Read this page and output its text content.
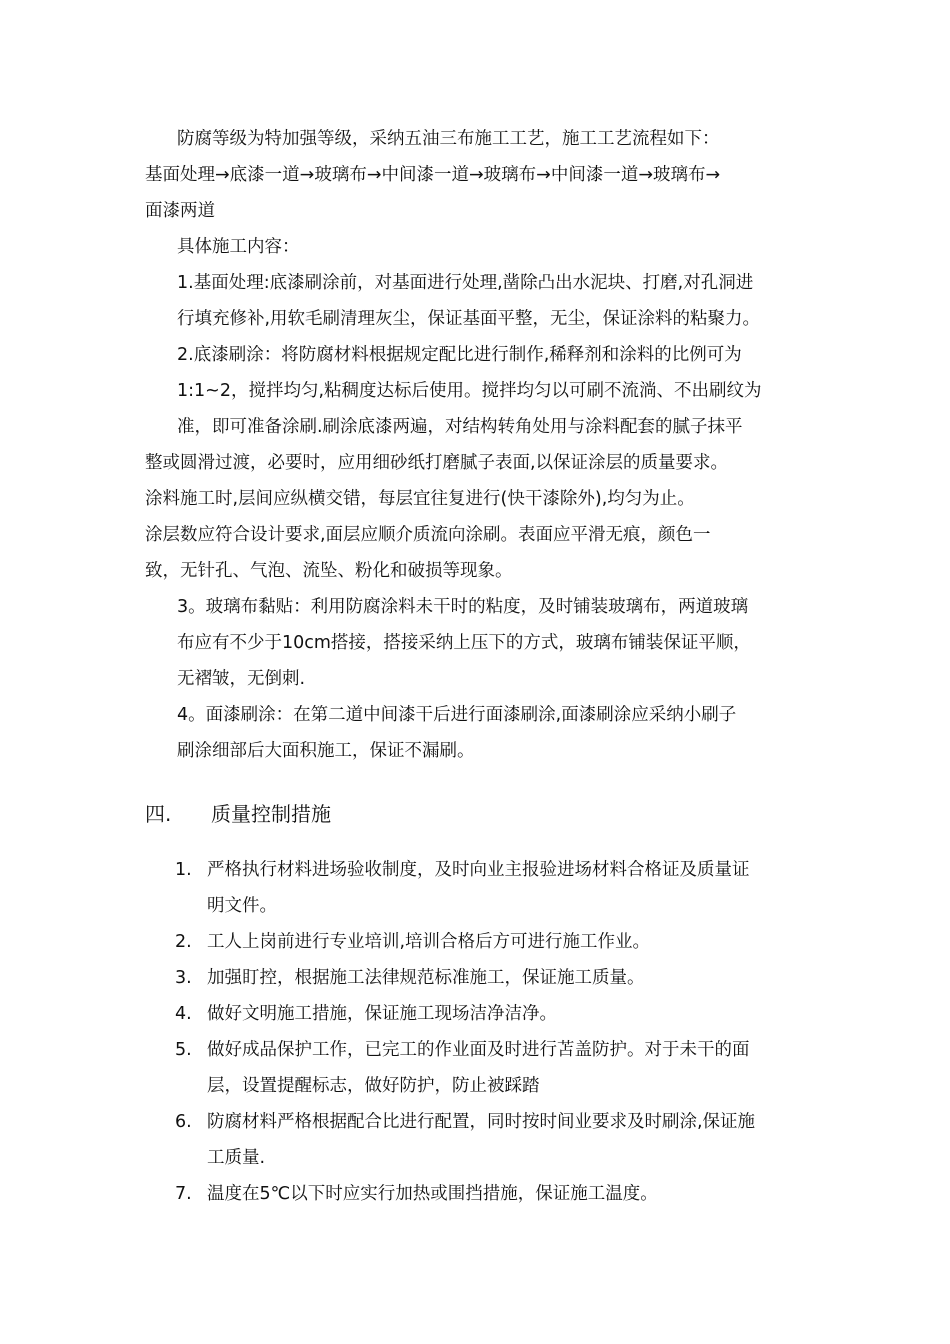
防腐等级为特加强等级，采纳五油三布施工工艺，施工工艺流程如下：
基面处理→底漆一道→玻璃布→中间漆一道→玻璃布→中间漆一道→玻璃布→
面漆两道
具体施工内容：
1.基面处理:底漆刷涂前，对基面进行处理,凿除凸出水泥块、打磨,对孔洞进
行填充修补,用软毛刷清理灰尘，保证基面平整，无尘，保证涂料的粘聚力。
2.底漆刷涂：将防腐材料根据规定配比进行制作,稀释剂和涂料的比例可为
1:1~2，搅拌均匀,粘稠度达标后使用。搅拌均匀以可刷不流淌、不出刷纹为
准，即可准备涂刷.刷涂底漆两遍，对结构转角处用与涂料配套的腻子抹平
整或圆滑过渡，必要时，应用细砂纸打磨腻子表面,以保证涂层的质量要求。
涂料施工时,层间应纵横交错，每层宜往复进行(快干漆除外),均匀为止。
涂层数应符合设计要求,面层应顺介质流向涂刷。表面应平滑无痕，颜色一
致，无针孔、气泡、流坠、粉化和破损等现象。
3。玻璃布黏贴：利用防腐涂料未干时的粘度，及时铺装玻璃布，两道玻璃
布应有不少于10cm搭接，搭接采纳上压下的方式，玻璃布铺装保证平顺，
无褶皱，无倒刺.
4。面漆刷涂：在第二道中间漆干后进行面漆刷涂,面漆刷涂应采纳小刷子
刷涂细部后大面积施工，保证不漏刷。
四. 质量控制措施
1. 严格执行材料进场验收制度，及时向业主报验进场材料合格证及质量证
明文件。
2. 工人上岗前进行专业培训,培训合格后方可进行施工作业。
3. 加强盯控，根据施工法律规范标准施工，保证施工质量。
4. 做好文明施工措施，保证施工现场洁净洁净。
5. 做好成品保护工作，已完工的作业面及时进行苫盖防护。对于未干的面
层，设置提醒标志，做好防护，防止被踩踏
6. 防腐材料严格根据配合比进行配置，同时按时间业要求及时刷涂,保证施
工质量.
7. 温度在5℃以下时应实行加热或围挡措施，保证施工温度。
